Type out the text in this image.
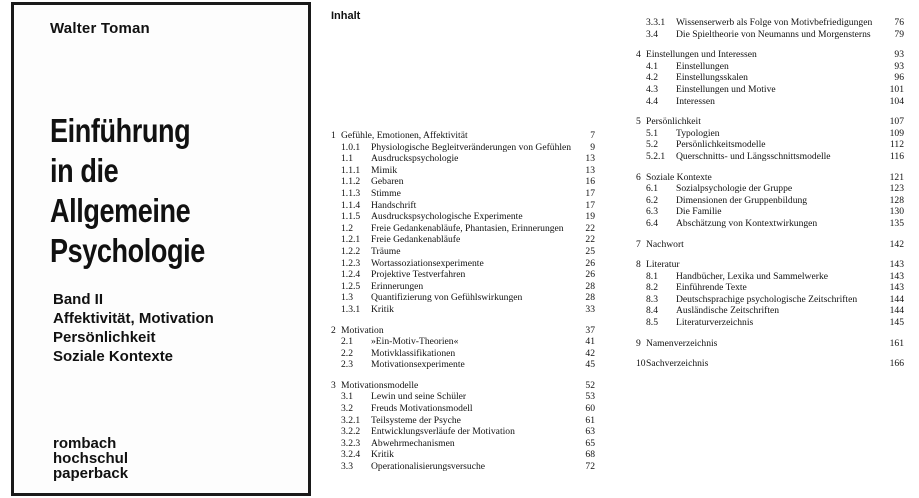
Walter Toman
Einführung
in die
Allgemeine
Psychologie
Band II
Affektivität, Motivation
Persönlichkeit
Soziale Kontexte
rombach
hochschul
paperback
Inhalt
1 Gefühle, Emotionen, Affektivität	7
1.0.1	Physiologische Begleitveränderungen von Gefühlen	9
1.1	Ausdruckspsychologie	13
1.1.1	Mimik	13
1.1.2	Gebaren	16
1.1.3	Stimme	17
1.1.4	Handschrift	17
1.1.5	Ausdruckspsychologische Experimente	19
1.2	Freie Gedankenabläufe, Phantasien, Erinnerungen	22
1.2.1	Freie Gedankenabläufe	22
1.2.2	Träume	25
1.2.3	Wortassoziationsexperimente	26
1.2.4	Projektive Testverfahren	26
1.2.5	Erinnerungen	28
1.3	Quantifizierung von Gefühlswirkungen	28
1.3.1	Kritik	33
2 Motivation	37
2.1	»Ein-Motiv-Theorien«	41
2.2	Motivklassifikationen	42
2.3	Motivationsexperimente	45
3 Motivationsmodelle	52
3.1	Lewin und seine Schüler	53
3.2	Freuds Motivationsmodell	60
3.2.1	Teilsysteme der Psyche	61
3.2.2	Entwicklungsverläufe der Motivation	63
3.2.3	Abwehrmechanismen	65
3.2.4	Kritik	68
3.3	Operationalisierungsversuche	72
3.3.1	Wissenserwerb als Folge von Motivbefriedigungen	76
3.4	Die Spieltheorie von Neumanns und Morgensterns	79
4 Einstellungen und Interessen	93
4.1	Einstellungen	93
4.2	Einstellungsskalen	96
4.3	Einstellungen und Motive	101
4.4	Interessen	104
5 Persönlichkeit	107
5.1	Typologien	109
5.2	Persönlichkeitsmodelle	112
5.2.1	Querschnitts- und Längsschnittsmodelle	116
6 Soziale Kontexte	121
6.1	Sozialpsychologie der Gruppe	123
6.2	Dimensionen der Gruppenbildung	128
6.3	Die Familie	130
6.4	Abschätzung von Kontextwirkungen	135
7 Nachwort	142
8 Literatur	143
8.1	Handbücher, Lexika und Sammelwerke	143
8.2	Einführende Texte	143
8.3	Deutschsprachige psychologische Zeitschriften	144
8.4	Ausländische Zeitschriften	144
8.5	Literaturverzeichnis	145
9 Namenverzeichnis	161
10 Sachverzeichnis	166
